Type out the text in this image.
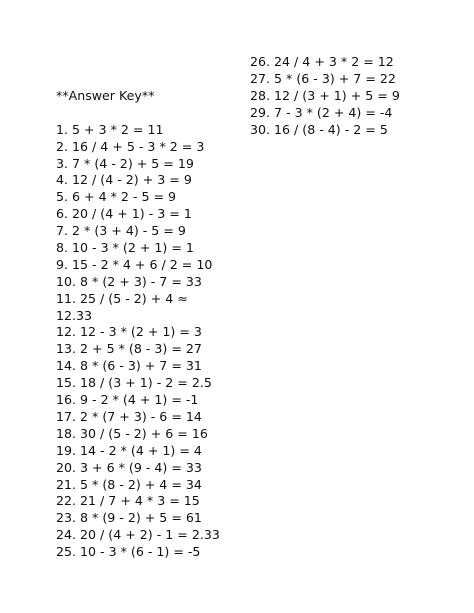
26. 24 / 4 + 3 * 2 = 12
27. 5 * (6 - 3) + 7 = 22
28. 12 / (3 + 1) + 5 = 9
29. 7 - 3 * (2 + 4) = -4
30. 16 / (8 - 4) - 2 = 5
**Answer Key**
1. 5 + 3 * 2 = 11
2. 16 / 4 + 5 - 3 * 2 = 3
3. 7 * (4 - 2) + 5 = 19
4. 12 / (4 - 2) + 3 = 9
5. 6 + 4 * 2 - 5 = 9
6. 20 / (4 + 1) - 3 = 1
7. 2 * (3 + 4) - 5 = 9
8. 10 - 3 * (2 + 1) = 1
9. 15 - 2 * 4 + 6 / 2 = 10
10. 8 * (2 + 3) - 7 = 33
11. 25 / (5 - 2) + 4 ≈
12.33
12. 12 - 3 * (2 + 1) = 3
13. 2 + 5 * (8 - 3) = 27
14. 8 * (6 - 3) + 7 = 31
15. 18 / (3 + 1) - 2 = 2.5
16. 9 - 2 * (4 + 1) = -1
17. 2 * (7 + 3) - 6 = 14
18. 30 / (5 - 2) + 6 = 16
19. 14 - 2 * (4 + 1) = 4
20. 3 + 6 * (9 - 4) = 33
21. 5 * (8 - 2) + 4 = 34
22. 21 / 7 + 4 * 3 = 15
23. 8 * (9 - 2) + 5 = 61
24. 20 / (4 + 2) - 1 = 2.33
25. 10 - 3 * (6 - 1) = -5
